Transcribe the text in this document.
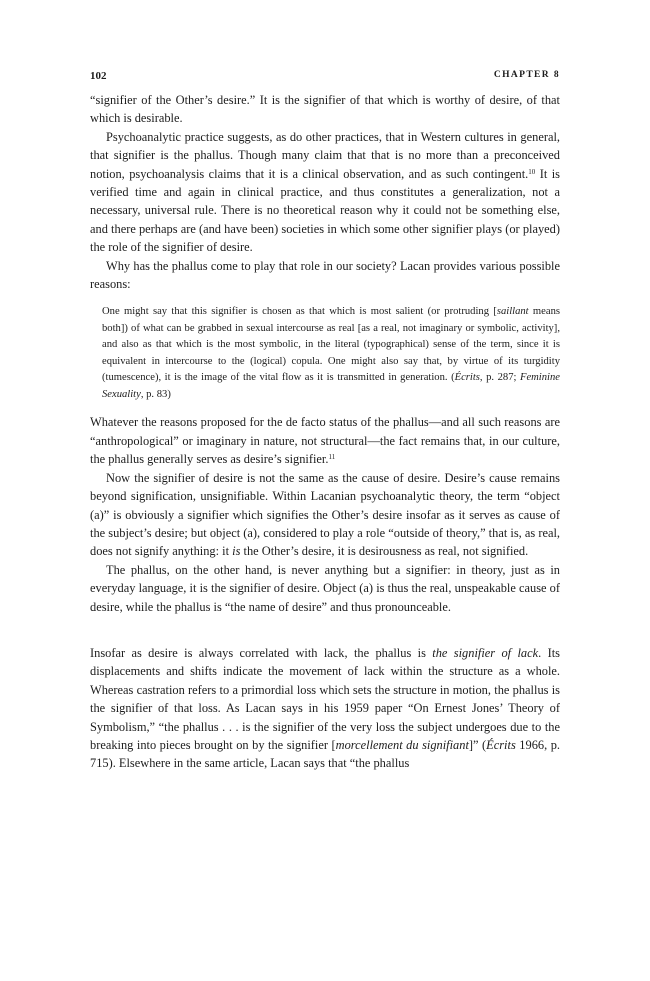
102	CHAPTER 8

“signifier of the Other’s desire.” It is the signifier of that which is worthy of desire, of that which is desirable.

Psychoanalytic practice suggests, as do other practices, that in Western cultures in general, that signifier is the phallus. Though many claim that that is no more than a preconceived notion, psychoanalysis claims that it is a clinical observation, and as such contingent.$^{10}$ It is verified time and again in clinical practice, and thus constitutes a generalization, not a necessary, universal rule. There is no theoretical reason why it could not be something else, and there perhaps are (and have been) societies in which some other signifier plays (or played) the role of the signifier of desire.

Why has the phallus come to play that role in our society? Lacan provides various possible reasons:

One might say that this signifier is chosen as that which is most salient (or protruding [saillant means both]) of what can be grabbed in sexual intercourse as real [as a real, not imaginary or symbolic, activity], and also as that which is the most symbolic, in the literal (typographical) sense of the term, since it is equivalent in intercourse to the (logical) copula. One might also say that, by virtue of its turgidity (tumescence), it is the image of the vital flow as it is transmitted in generation. (Écrits, p. 287; Feminine Sexuality, p. 83)

Whatever the reasons proposed for the de facto status of the phallus—and all such reasons are “anthropological” or imaginary in nature, not structural—the fact remains that, in our culture, the phallus generally serves as desire’s signifier.$^{11}$

Now the signifier of desire is not the same as the cause of desire. Desire’s cause remains beyond signification, unsignifiable. Within Lacanian psychoanalytic theory, the term “object (a)” is obviously a signifier which signifies the Other’s desire insofar as it serves as cause of the subject’s desire; but object (a), considered to play a role “outside of theory,” that is, as real, does not signify anything: it is the Other’s desire, it is desirousness as real, not signified.

The phallus, on the other hand, is never anything but a signifier: in theory, just as in everyday language, it is the signifier of desire. Object (a) is thus the real, unspeakable cause of desire, while the phallus is “the name of desire” and thus pronounceable.

Insofar as desire is always correlated with lack, the phallus is the signifier of lack. Its displacements and shifts indicate the movement of lack within the structure as a whole. Whereas castration refers to a primordial loss which sets the structure in motion, the phallus is the signifier of that loss. As Lacan says in his 1959 paper “On Ernest Jones’ Theory of Symbolism,” “the phallus . . . is the signifier of the very loss the subject undergoes due to the breaking into pieces brought on by the signifier [morcellement du signifiant]” (Écrits 1966, p. 715). Elsewhere in the same article, Lacan says that “the phallus
